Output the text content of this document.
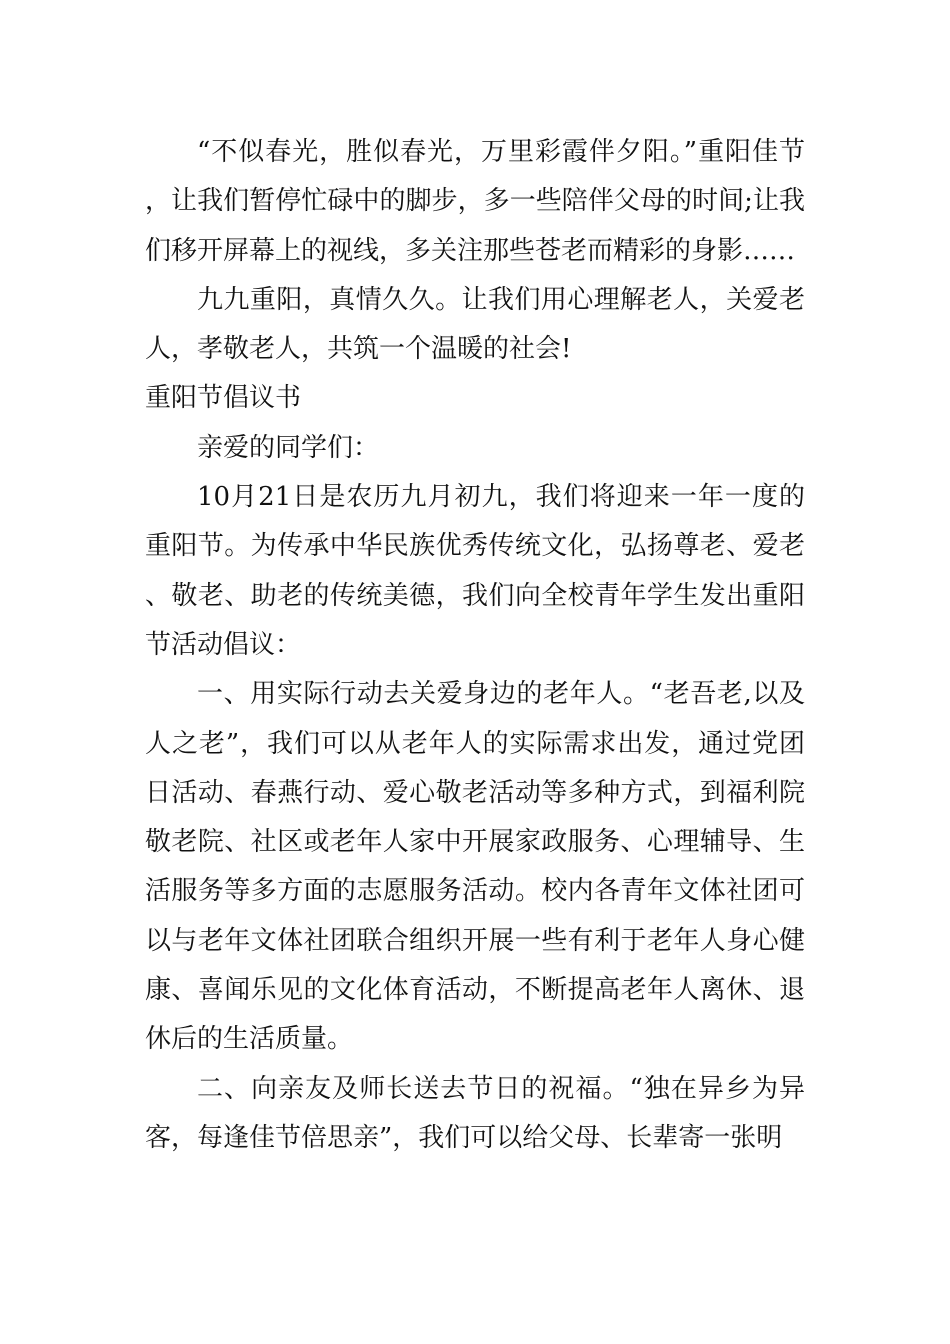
“不似春光，胜似春光，万里彩霞伴夕阳。”重阳佳节，让我们暂停忙碌中的脚步，多一些陪伴父母的时间;让我们移开屏幕上的视线，多关注那些苍老而精彩的身影……

九九重阳，真情久久。让我们用心理解老人，关爱老人，孝敬老人，共筑一个温暖的社会!

重阳节倡议书

亲爱的同学们：

10月21日是农历九月初九，我们将迎来一年一度的重阳节。为传承中华民族优秀传统文化，弘扬尊老、爱老、敬老、助老的传统美德，我们向全校青年学生发出重阳节活动倡议：

一、用实际行动去关爱身边的老年人。“老吾老,以及人之老”，我们可以从老年人的实际需求出发，通过党团日活动、春燕行动、爱心敬老活动等多种方式，到福利院敬老院、社区或老年人家中开展家政服务、心理辅导、生活服务等多方面的志愿服务活动。校内各青年文体社团可以与老年文体社团联合组织开展一些有利于老年人身心健康、喜闻乐见的文化体育活动，不断提高老年人离休、退休后的生活质量。

二、向亲友及师长送去节日的祝福。“独在异乡为异客，每逢佳节倍思亲”，我们可以给父母、长辈寄一张明
